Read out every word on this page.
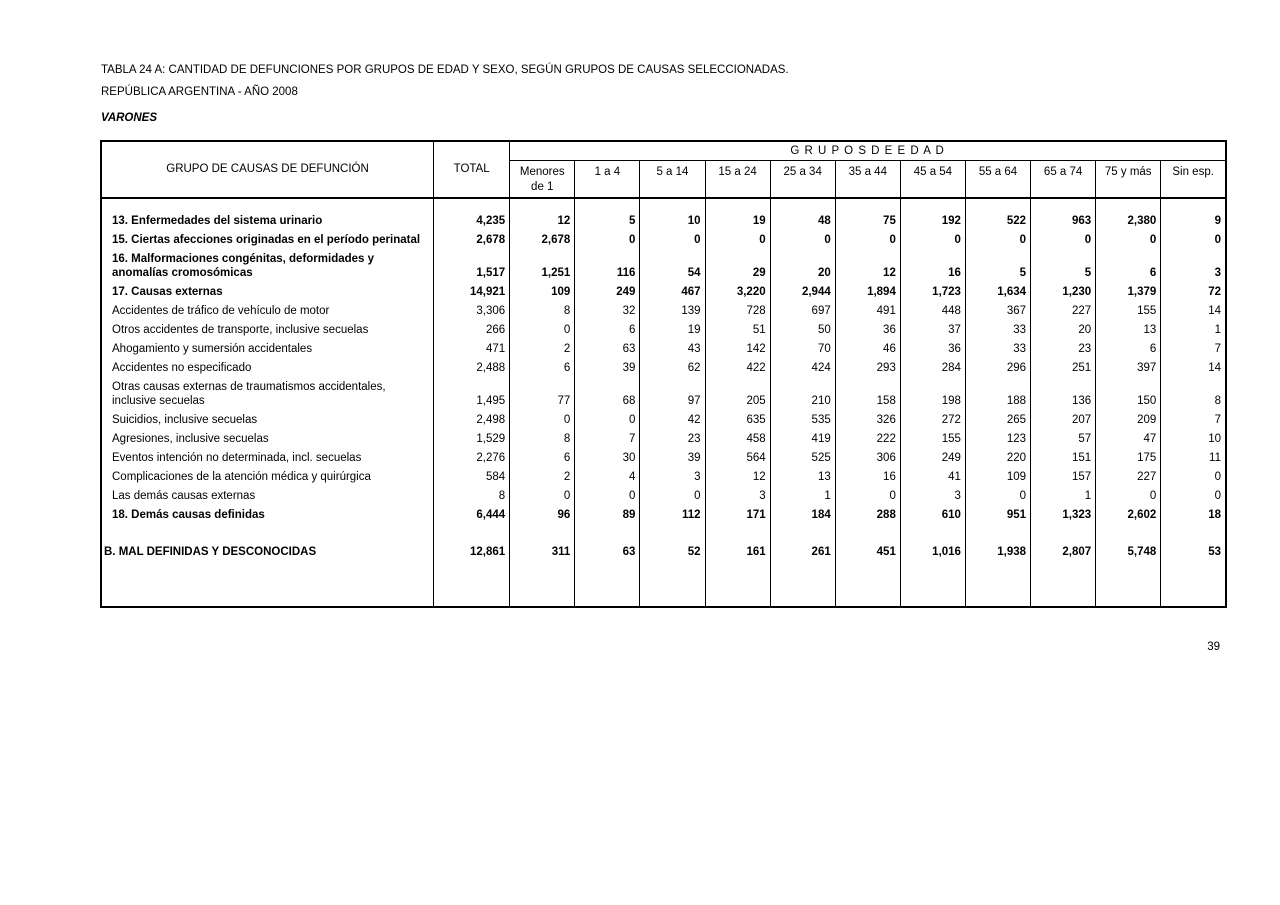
TABLA 24 A: CANTIDAD DE DEFUNCIONES POR GRUPOS DE EDAD Y SEXO, SEGÚN GRUPOS DE CAUSAS SELECCIONADAS.
REPÚBLICA ARGENTINA - AÑO 2008
VARONES
GRUPO DE CAUSAS DE DEFUNCIÓN	TOTAL	G R U P O S D E E D A D										
		Menores de 1	1 a 4	5 a 14	15 a 24	25 a 34	35 a 44	45 a 54	55 a 64	65 a 74	75 y más	Sin esp.

13. Enfermedades del sistema urinario	4,235	12	5	10	19	48	75	192	522	963	2,380	9
15. Ciertas afecciones originadas en el período perinatal	2,678	2,678	0	0	0	0	0	0	0	0	0	0
16. Malformaciones congénitas, deformidades y anomalías cromosómicas	1,517	1,251	116	54	29	20	12	16	5	5	6	3
17. Causas externas	14,921	109	249	467	3,220	2,944	1,894	1,723	1,634	1,230	1,379	72
Accidentes de tráfico de vehículo de motor	3,306	8	32	139	728	697	491	448	367	227	155	14
Otros accidentes de transporte, inclusive secuelas	266	0	6	19	51	50	36	37	33	20	13	1
Ahogamiento y sumersión accidentales	471	2	63	43	142	70	46	36	33	23	6	7
Accidentes no especificado	2,488	6	39	62	422	424	293	284	296	251	397	14
Otras causas externas de traumatismos accidentales, inclusive secuelas	1,495	77	68	97	205	210	158	198	188	136	150	8
Suicidios, inclusive secuelas	2,498	0	0	42	635	535	326	272	265	207	209	7
Agresiones, inclusive secuelas	1,529	8	7	23	458	419	222	155	123	57	47	10
Eventos intención no determinada, incl. secuelas	2,276	6	30	39	564	525	306	249	220	151	175	11
Complicaciones de la atención médica y quirúrgica	584	2	4	3	12	13	16	41	109	157	227	0
Las demás causas externas	8	0	0	0	3	1	0	3	0	1	0	0
18. Demás causas definidas	6,444	96	89	112	171	184	288	610	951	1,323	2,602	18

B. MAL DEFINIDAS Y DESCONOCIDAS	12,861	311	63	52	161	261	451	1,016	1,938	2,807	5,748	53

39
